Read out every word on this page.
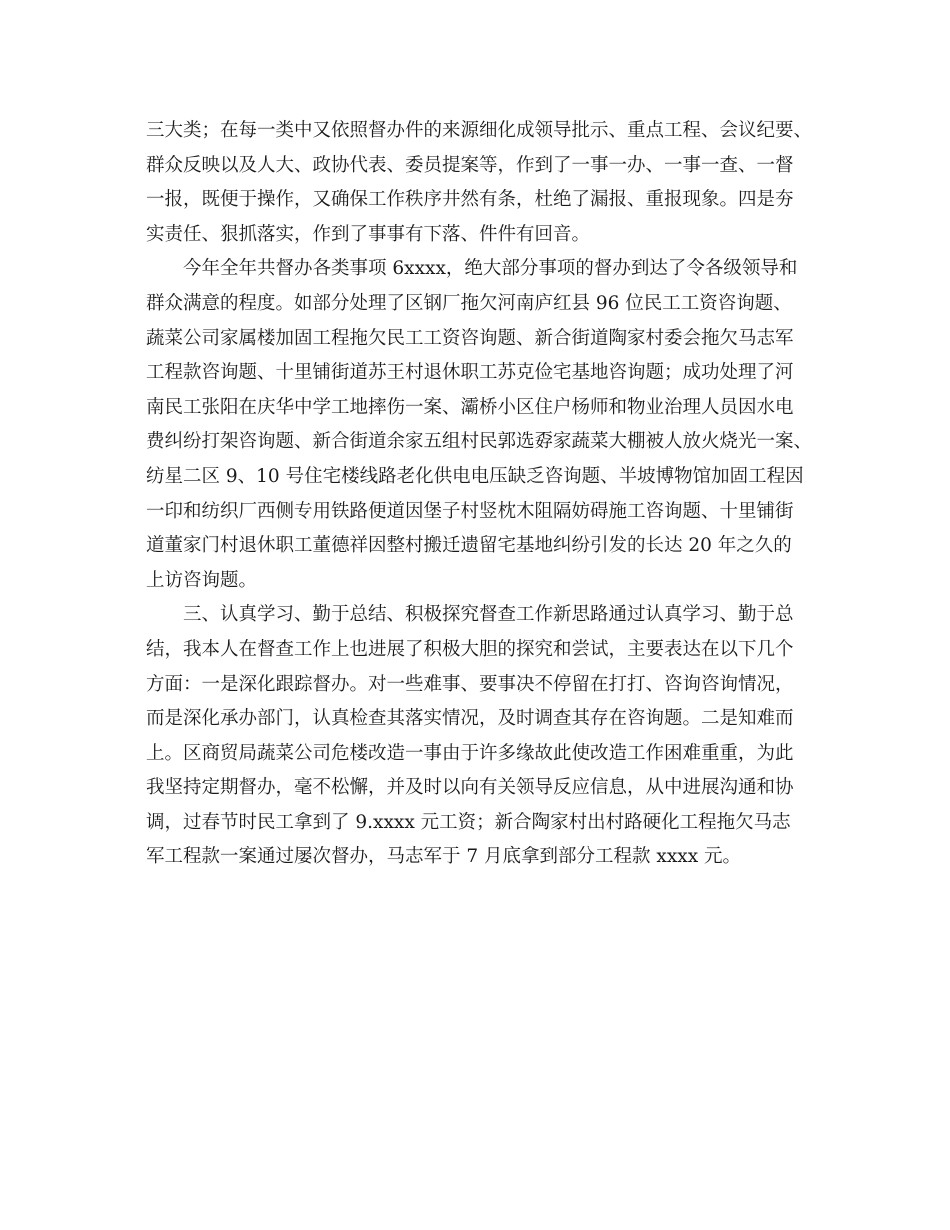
三大类；在每一类中又依照督办件的来源细化成领导批示、重点工程、会议纪要、
群众反映以及人大、政协代表、委员提案等，作到了一事一办、一事一查、一督
一报，既便于操作，又确保工作秩序井然有条，杜绝了漏报、重报现象。四是夯
实责任、狠抓落实，作到了事事有下落、件件有回音。
　　今年全年共督办各类事项 6xxxx，绝大部分事项的督办到达了令各级领导和
群众满意的程度。如部分处理了区钢厂拖欠河南庐红县 96 位民工工资咨询题、
蔬菜公司家属楼加固工程拖欠民工工资咨询题、新合街道陶家村委会拖欠马志军
工程款咨询题、十里铺街道苏王村退休职工苏克俭宅基地咨询题；成功处理了河
南民工张阳在庆华中学工地摔伤一案、灞桥小区住户杨师和物业治理人员因水电
费纠纷打架咨询题、新合街道余家五组村民郭选孬家蔬菜大棚被人放火烧光一案、
纺星二区 9、10 号住宅楼线路老化供电电压缺乏咨询题、半坡博物馆加固工程因
一印和纺织厂西侧专用铁路便道因堡子村竖枕木阻隔妨碍施工咨询题、十里铺街
道董家门村退休职工董德祥因整村搬迁遗留宅基地纠纷引发的长达 20 年之久的
上访咨询题。
　　三、认真学习、勤于总结、积极探究督查工作新思路通过认真学习、勤于总
结，我本人在督查工作上也进展了积极大胆的探究和尝试，主要表达在以下几个
方面：一是深化跟踪督办。对一些难事、要事决不停留在打打、咨询咨询情况，
而是深化承办部门，认真检查其落实情况，及时调查其存在咨询题。二是知难而
上。区商贸局蔬菜公司危楼改造一事由于许多缘故此使改造工作困难重重，为此
我坚持定期督办，毫不松懈，并及时以向有关领导反应信息，从中进展沟通和协
调，过春节时民工拿到了 9.xxxx 元工资；新合陶家村出村路硬化工程拖欠马志
军工程款一案通过屡次督办，马志军于 7 月底拿到部分工程款 xxxx 元。
